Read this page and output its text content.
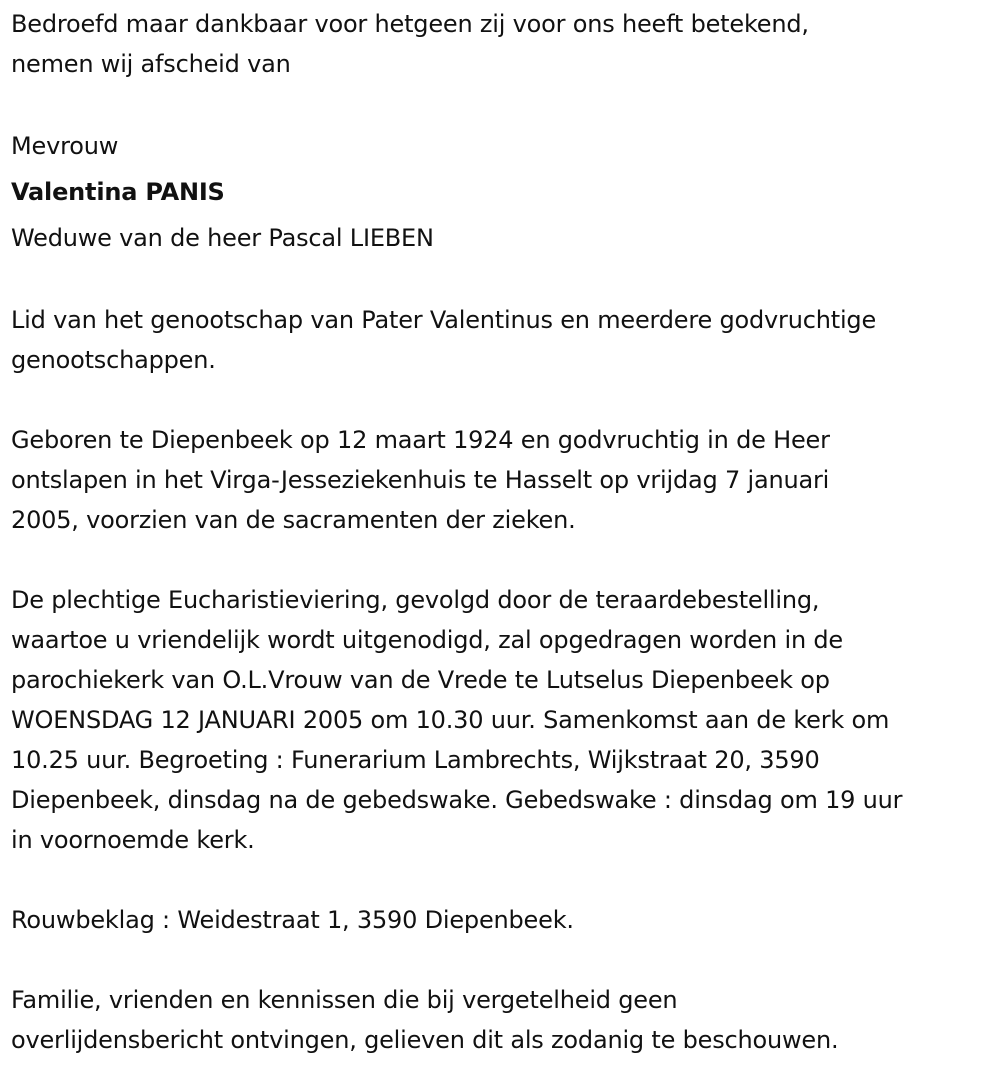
Bedroefd maar dankbaar voor hetgeen zij voor ons heeft betekend,

nemen wij afscheid van

Mevrouw

Valentina PANIS

Weduwe van de heer Pascal LIEBEN

Lid van het genootschap van Pater Valentinus en meerdere godvruchtige

genootschappen.

Geboren te Diepenbeek op 12 maart 1924 en godvruchtig in de Heer

ontslapen in het Virga-Jesseziekenhuis te Hasselt op vrijdag 7 januari

2005, voorzien van de sacramenten der zieken.

De plechtige Eucharistieviering, gevolgd door de teraardebestelling,

waartoe u vriendelijk wordt uitgenodigd, zal opgedragen worden in de

parochiekerk van O.L.Vrouw van de Vrede te Lutselus Diepenbeek op

WOENSDAG 12 JANUARI 2005 om 10.30 uur. Samenkomst aan de kerk om

10.25 uur. Begroeting : Funerarium Lambrechts, Wijkstraat 20, 3590

Diepenbeek, dinsdag na de gebedswake. Gebedswake : dinsdag om 19 uur

in voornoemde kerk.

Rouwbeklag : Weidestraat 1, 3590 Diepenbeek.

Familie, vrienden en kennissen die bij vergetelheid geen

overlijdensbericht ontvingen, gelieven dit als zodanig te beschouwen.
